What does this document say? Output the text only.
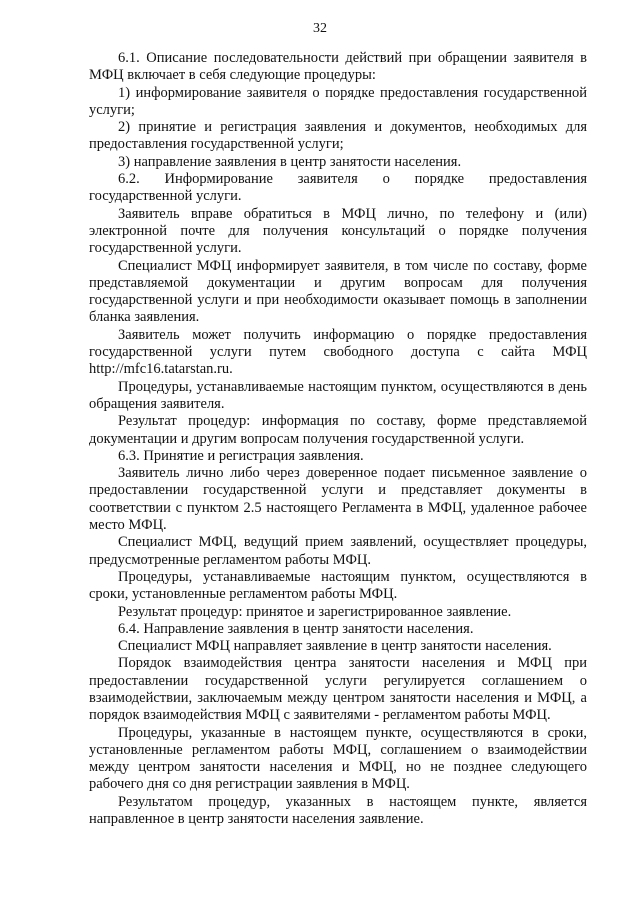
32

6.1. Описание последовательности действий при обращении заявителя в МФЦ включает в себя следующие процедуры:

1) информирование заявителя о порядке предоставления государственной услуги;

2) принятие и регистрация заявления и документов, необходимых для предоставления государственной услуги;

3) направление заявления в центр занятости населения.

6.2. Информирование заявителя о порядке предоставления государственной услуги.

Заявитель вправе обратиться в МФЦ лично, по телефону и (или) электронной почте для получения консультаций о порядке получения государственной услуги.

Специалист МФЦ информирует заявителя, в том числе по составу, форме представляемой документации и другим вопросам для получения государственной услуги и при необходимости оказывает помощь в заполнении бланка заявления.

Заявитель может получить информацию о порядке предоставления государственной услуги путем свободного доступа с сайта МФЦ http://mfc16.tatarstan.ru.

Процедуры, устанавливаемые настоящим пунктом, осуществляются в день обращения заявителя.

Результат процедур: информация по составу, форме представляемой документации и другим вопросам получения государственной услуги.

6.3. Принятие и регистрация заявления.

Заявитель лично либо через доверенное подает письменное заявление о предоставлении государственной услуги и представляет документы в соответствии с пунктом 2.5 настоящего Регламента в МФЦ, удаленное рабочее место МФЦ.

Специалист МФЦ, ведущий прием заявлений, осуществляет процедуры, предусмотренные регламентом работы МФЦ.

Процедуры, устанавливаемые настоящим пунктом, осуществляются в сроки, установленные регламентом работы МФЦ.

Результат процедур: принятое и зарегистрированное заявление.

6.4. Направление заявления в центр занятости населения.

Специалист МФЦ направляет заявление в центр занятости населения.

Порядок взаимодействия центра занятости населения и МФЦ при предоставлении государственной услуги регулируется соглашением о взаимодействии, заключаемым между центром занятости населения и МФЦ, а порядок взаимодействия МФЦ с заявителями - регламентом работы МФЦ.

Процедуры, указанные в настоящем пункте, осуществляются в сроки, установленные регламентом работы МФЦ, соглашением о взаимодействии между центром занятости населения и МФЦ, но не позднее следующего рабочего дня со дня регистрации заявления в МФЦ.

Результатом процедур, указанных в настоящем пункте, является направленное в центр занятости населения заявление.
